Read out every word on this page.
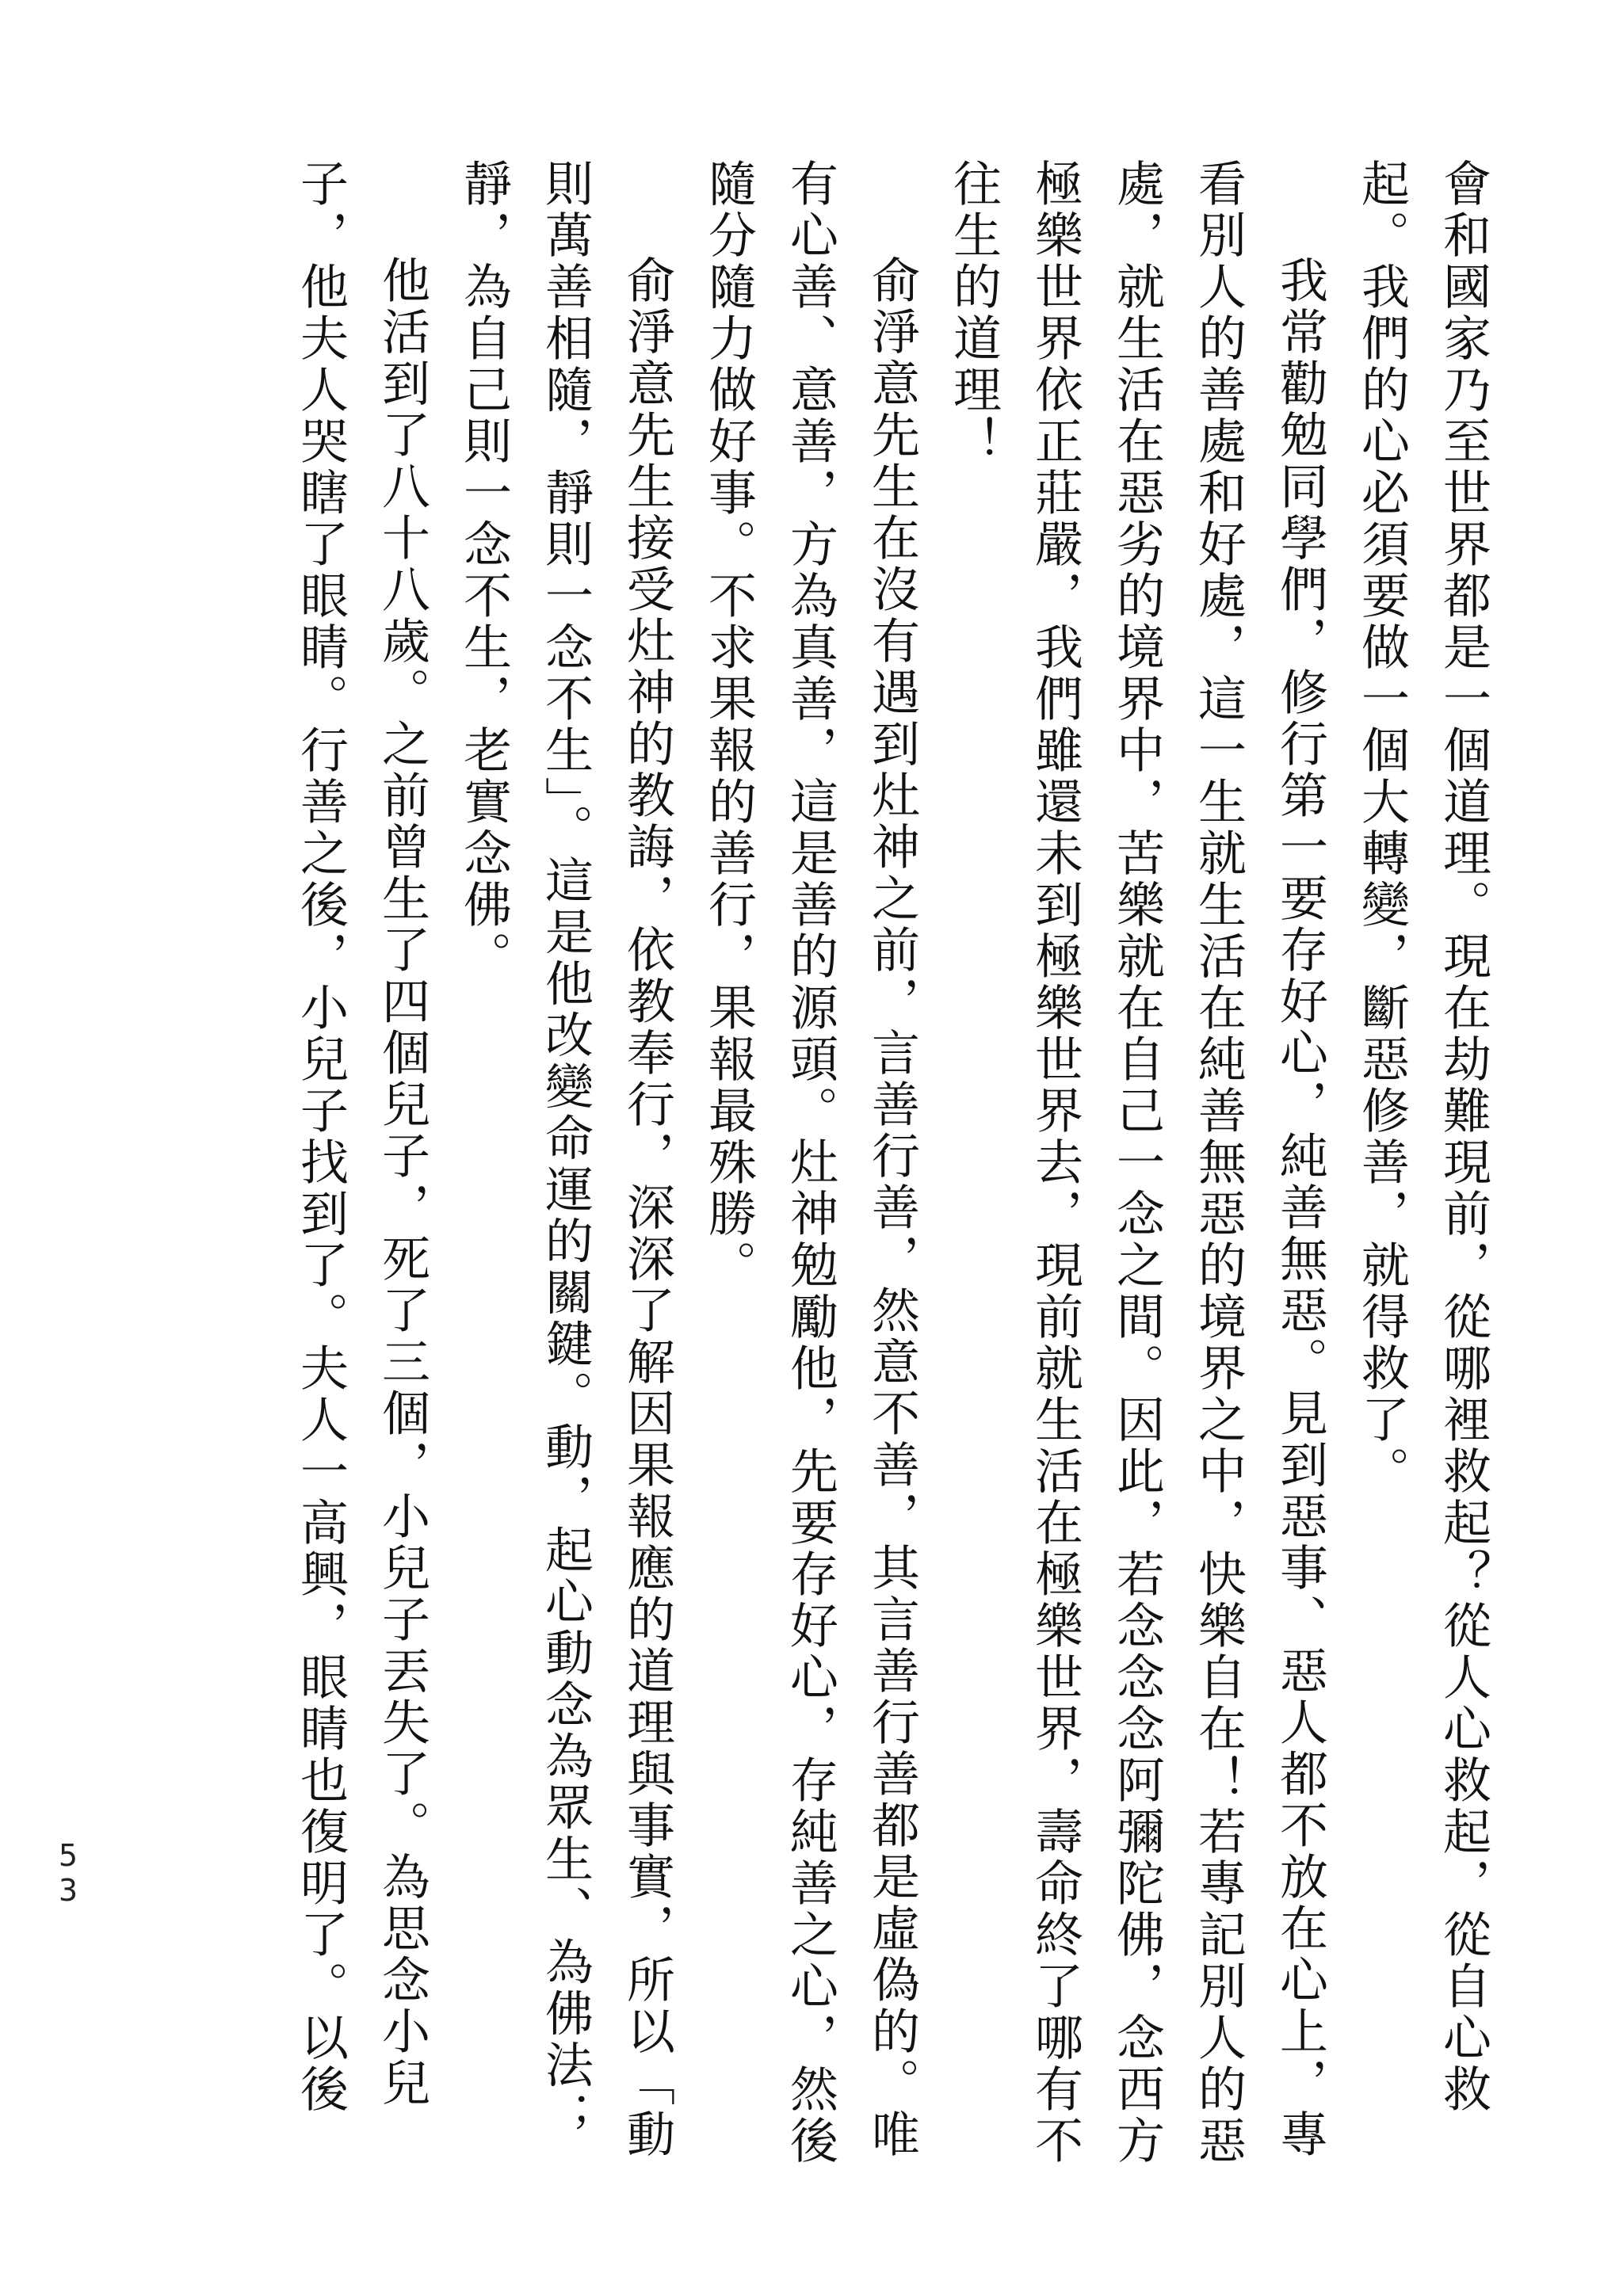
會和國家乃至世界都是一個道理。現在劫難現前，從哪裡救起？從人心救起，從自心救起。我們的心必須要做一個大轉變，斷惡修善，就得救了。

我常勸勉同學們，修行第一要存好心，純善無惡。見到惡事、惡人都不放在心上，專看別人的善處和好處，這一生就生活在純善無惡的境界之中，快樂自在！若專記別人的惡處，就生活在惡劣的境界中，苦樂就在自己一念之間。因此，若念念念阿彌陀佛，念西方極樂世界依正莊嚴，我們雖還未到極樂世界去，現前就生活在極樂世界，壽命終了哪有不往生的道理！

俞淨意先生在沒有遇到灶神之前，言善行善，然意不善，其言善行善都是虛偽的。唯有心善、意善，方為真善，這是善的源頭。灶神勉勵他，先要存好心，存純善之心，然後隨分隨力做好事。不求果報的善行，果報最殊勝。

俞淨意先生接受灶神的教誨，依教奉行，深深了解因果報應的道理與事實，所以「動則萬善相隨，靜則一念不生」。這是他改變命運的關鍵。動，起心動念為眾生、為佛法；靜，為自己則一念不生，老實念佛。

他活到了八十八歲。之前曾生了四個兒子，死了三個，小兒子丟失了。為思念小兒子，他夫人哭瞎了眼睛。行善之後，小兒子找到了。夫人一高興，眼睛也復明了。以後

53
